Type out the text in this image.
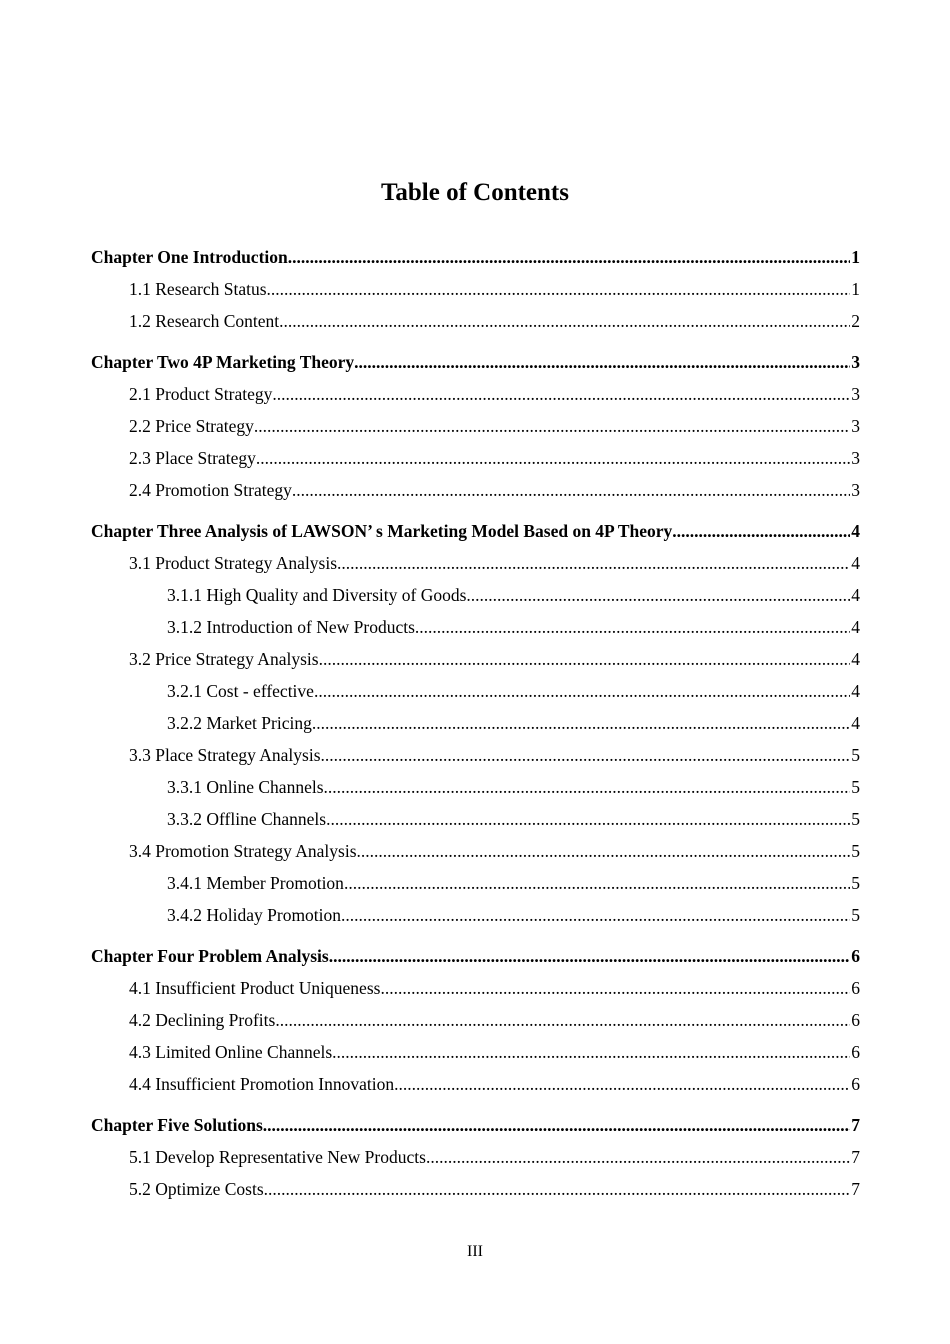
Table of Contents
Chapter One Introduction .....	1
1.1 Research Status .....	1
1.2 Research Content .....	2
Chapter Two 4P Marketing Theory .....	3
2.1 Product Strategy .....	3
2.2 Price Strategy .....	3
2.3 Place Strategy .....	3
2.4 Promotion Strategy .....	3
Chapter Three Analysis of LAWSON’ s Marketing Model Based on 4P Theory .....	4
3.1 Product Strategy Analysis .....	4
3.1.1 High Quality and Diversity of Goods .....	4
3.1.2 Introduction of New Products .....	4
3.2 Price Strategy Analysis .....	4
3.2.1 Cost - effective .....	4
3.2.2 Market Pricing .....	4
3.3 Place Strategy Analysis .....	5
3.3.1 Online Channels .....	5
3.3.2 Offline Channels .....	5
3.4 Promotion Strategy Analysis .....	5
3.4.1 Member Promotion .....	5
3.4.2 Holiday Promotion .....	5
Chapter Four Problem Analysis .....	6
4.1 Insufficient Product Uniqueness .....	6
4.2 Declining Profits .....	6
4.3 Limited Online Channels .....	6
4.4 Insufficient Promotion Innovation .....	6
Chapter Five Solutions .....	7
5.1 Develop Representative New Products .....	7
5.2 Optimize Costs .....	7
III
